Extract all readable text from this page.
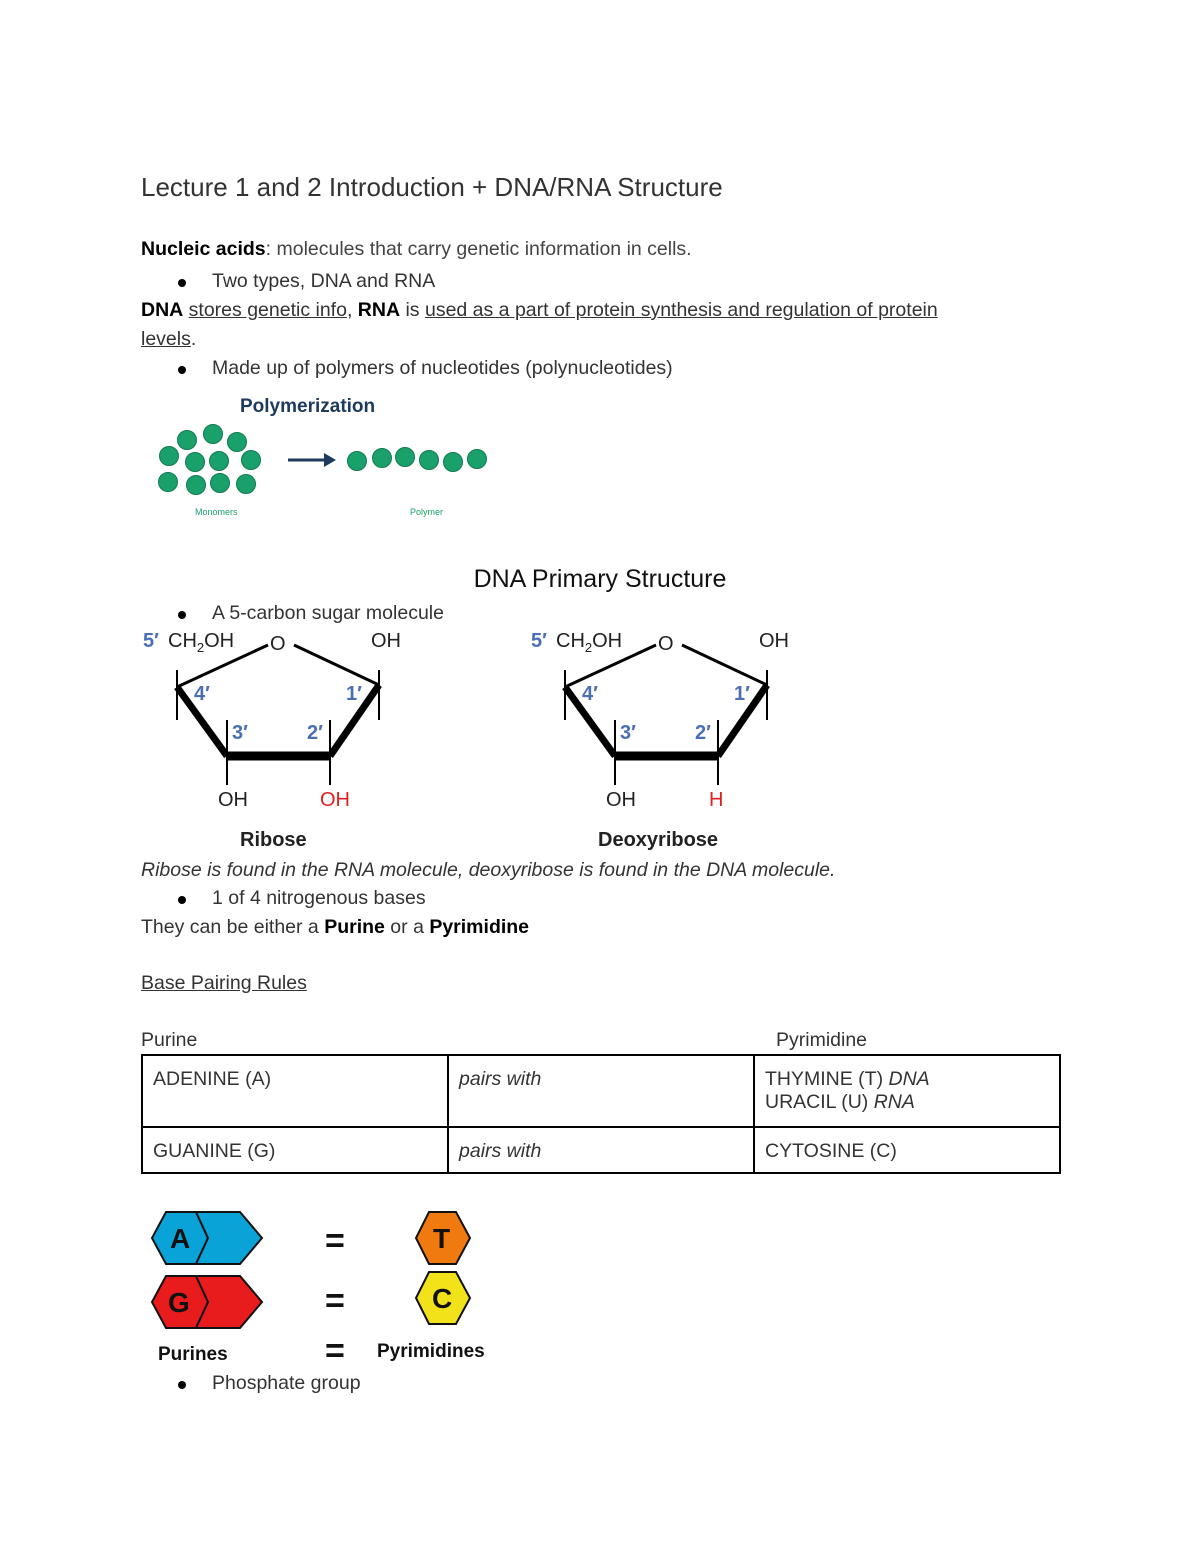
Lecture 1 and 2 Introduction + DNA/RNA Structure
Nucleic acids: molecules that carry genetic information in cells.
Two types, DNA and RNA
DNA stores genetic info, RNA is used as a part of protein synthesis and regulation of protein
levels.
Made up of polymers of nucleotides (polynucleotides)
Polymerization
Monomers	Polymer
DNA Primary Structure
A 5-carbon sugar molecule
5′ $CH_2OH$ O	OH
4′	1′
3′	2′
OH	OH
Ribose
5′ $CH_2OH$ O	OH
4′	1′
3′	2′
OH	H
Deoxyribose
Ribose is found in the RNA molecule, deoxyribose is found in the DNA molecule.
1 of 4 nitrogenous bases
They can be either a Purine or a Pyrimidine
Base Pairing Rules
Purine	Pyrimidine
ADENINE (A)	pairs with	THYMINE (T) DNA
URACIL (U) RNA

GUANINE (G)	pairs with	CYTOSINE (C)
A	=	T
G	=	C
Purines	= Pyrimidines
Phosphate group
